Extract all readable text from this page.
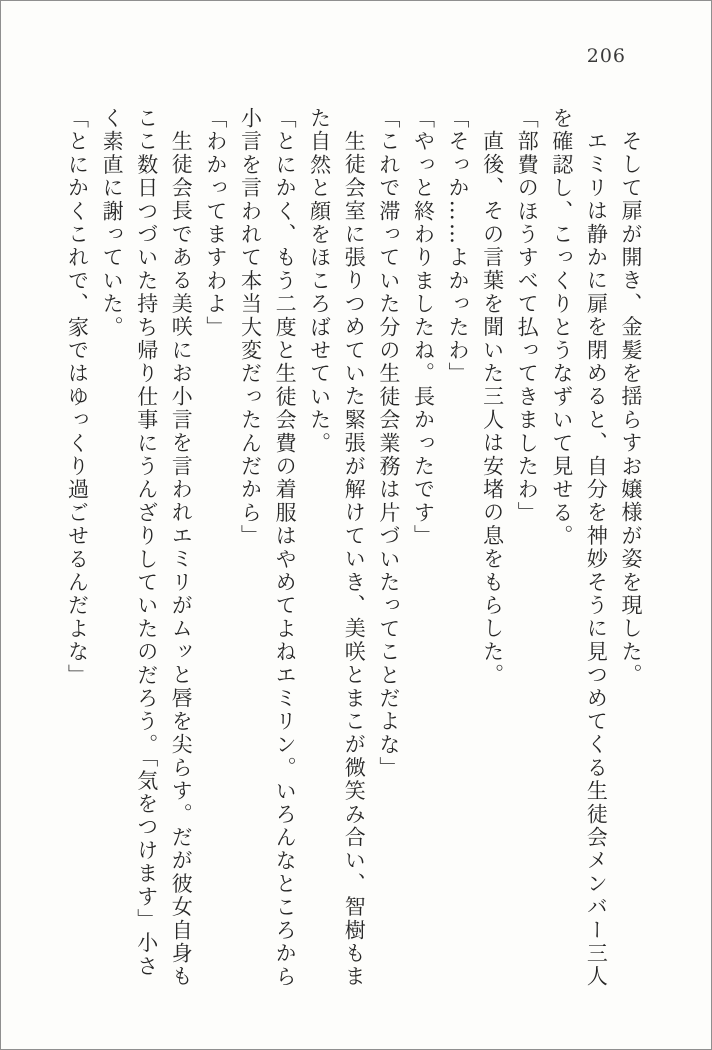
206

そして扉が開き、金髪を揺らすお嬢様が姿を現した。

エミリは静かに扉を閉めると、自分を神妙そうに見つめてくる生徒会メンバー三人

を確認し、こっくりとうなずいて見せる。

「部費のほうすべて払ってきましたわ」

直後、その言葉を聞いた三人は安堵の息をもらした。

「そっか……よかったわ」

「やっと終わりましたね。長かったです」

「これで滞っていた分の生徒会業務は片づいたってことだよな」

生徒会室に張りつめていた緊張が解けていき、美咲とまこが微笑み合い、智樹もま

た自然と顔をほころばせていた。

「とにかく、もう二度と生徒会費の着服はやめてよねエミリン。いろんなところから

小言を言われて本当大変だったんだから」

「わかってますわよ」

生徒会長である美咲にお小言を言われエミリがムッと唇を尖らす。だが彼女自身も

ここ数日つづいた持ち帰り仕事にうんざりしていたのだろう。「気をつけます」小さ

く素直に謝っていた。

「とにかくこれで、家ではゆっくり過ごせるんだよな」
